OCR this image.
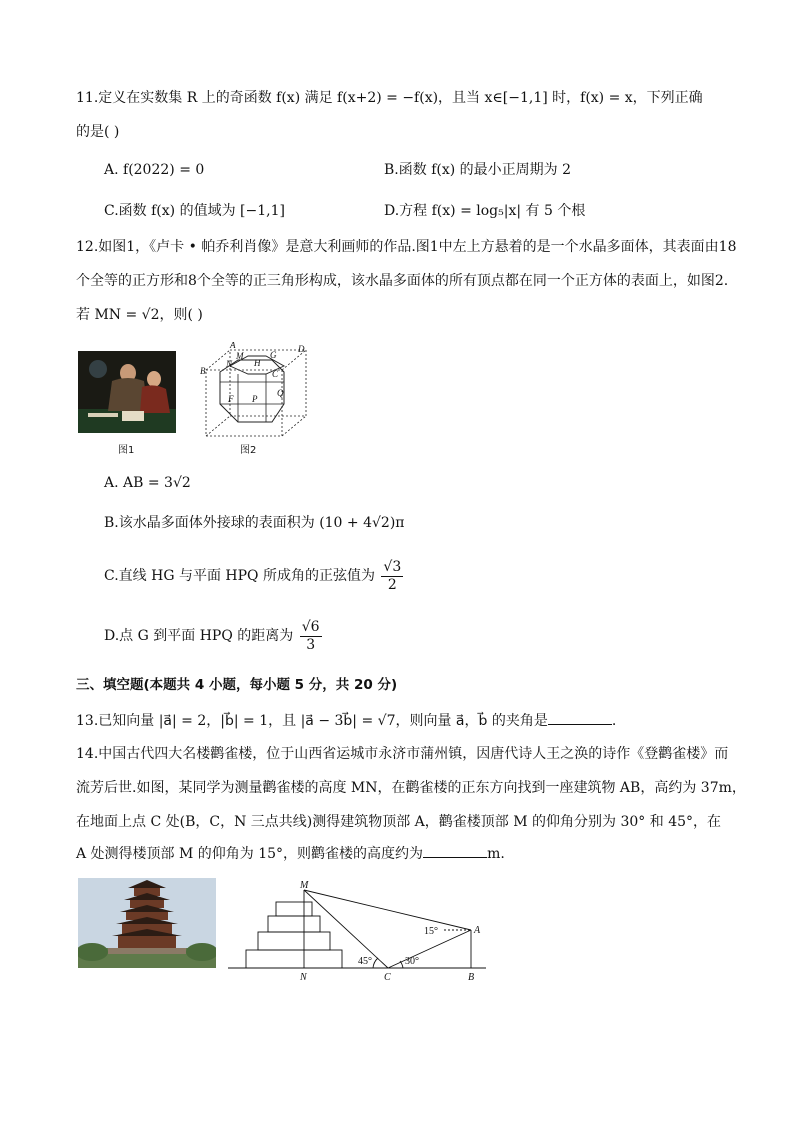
11.定义在实数集 R 上的奇函数 f(x) 满足 f(x+2) = −f(x)，且当 x∈[−1,1] 时，f(x) = x，下列正确
的是( )
A. f(2022) = 0	B.函数 f(x) 的最小正周期为 2
C.函数 f(x) 的值域为 [−1,1]	D.方程 f(x) = log₅|x| 有 5 个根
12.如图1，《卢卡 • 帕乔利肖像》是意大利画师的作品.图1中左上方悬着的是一个水晶多面体，其表面由18
个全等的正方形和8个全等的正三角形构成，该水晶多面体的所有顶点都在同一个正方体的表面上，如图2.
若 MN = √2，则( )
图1
A
B
M
N H
G
C
D
F P
Q
图2
A. AB = 3√2
B.该水晶多面体外接球的表面积为 (10 + 4√2)π
C.直线 HG 与平面 HPQ 所成角的正弦值为 $\frac{√3}{2}$
D.点 G 到平面 HPQ 的距离为 $\frac{√6}{3}$
三、填空题(本题共 4 小题，每小题 5 分，共 20 分)
13.已知向量 |a⃗| = 2，|b⃗| = 1，且 |a⃗ − 3b⃗| = √7，则向量 a⃗，b⃗ 的夹角是	.
14.中国古代四大名楼鹳雀楼，位于山西省运城市永济市蒲州镇，因唐代诗人王之涣的诗作《登鹳雀楼》而
流芳后世.如图，某同学为测量鹳雀楼的高度 MN，在鹳雀楼的正东方向找到一座建筑物 AB，高约为 37m，
在地面上点 C 处(B，C，N 三点共线)测得建筑物顶部 A，鹳雀楼顶部 M 的仰角分别为 30° 和 45°，在
A 处测得楼顶部 M 的仰角为 15°，则鹳雀楼的高度约为	m.
M
A
N	C	B
15°
45°	30°
